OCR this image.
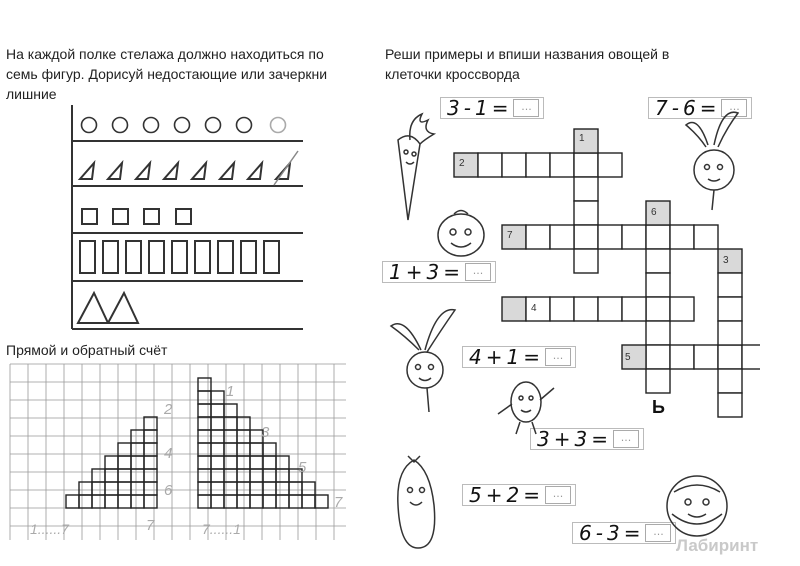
На каждой полке стелажа должно находиться по
семь фигур. Дорисуй недостающие или зачеркни
лишние
Прямой и обратный счёт
2
4
6
7
1......7
1
3
5
7
7......1
Реши примеры и впиши названия овощей в
клеточки кроссворда
3 - 1 =	...	7 - 6 =	...
1 + 3 =	...
4 + 1 =	...
3 + 3 =	...
5 + 2 =	...
6 - 3 =	...
1
2
3
4
5
6
7
Ь
Лабиринт
